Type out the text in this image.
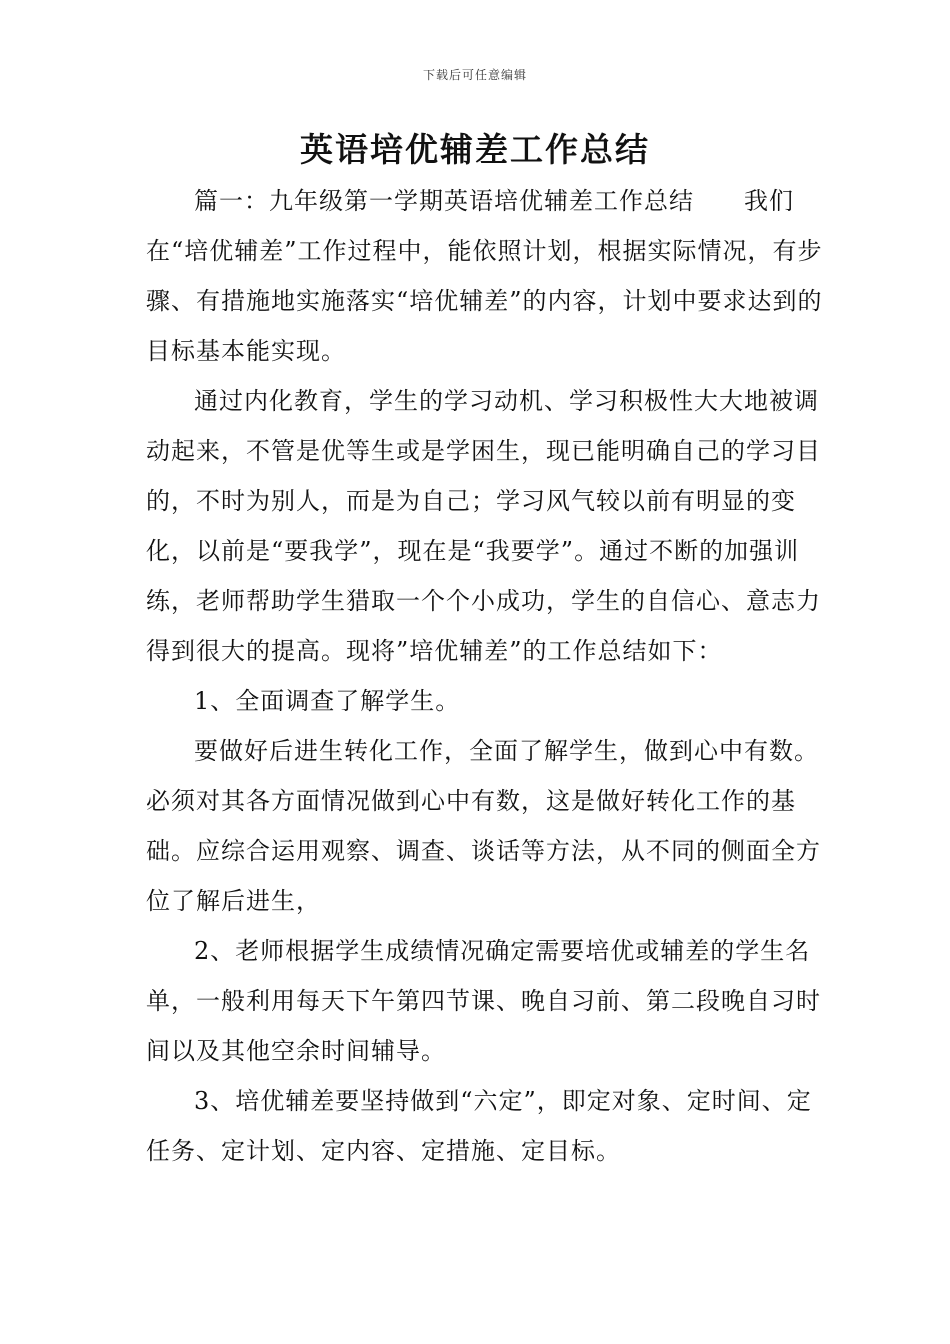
下载后可任意编辑
英语培优辅差工作总结

篇一：九年级第一学期英语培优辅差工作总结　　我们在“培优辅差”工作过程中，能依照计划，根据实际情况，有步骤、有措施地实施落实“培优辅差”的内容，计划中要求达到的目标基本能实现。

通过内化教育，学生的学习动机、学习积极性大大地被调动起来，不管是优等生或是学困生，现已能明确自己的学习目的，不时为别人，而是为自己；学习风气较以前有明显的变化，以前是“要我学”，现在是“我要学”。通过不断的加强训练，老师帮助学生猎取一个个小成功，学生的自信心、意志力得到很大的提高。现将”培优辅差”的工作总结如下：

1、全面调查了解学生。

要做好后进生转化工作，全面了解学生，做到心中有数。必须对其各方面情况做到心中有数，这是做好转化工作的基础。应综合运用观察、调查、谈话等方法，从不同的侧面全方位了解后进生，

2、老师根据学生成绩情况确定需要培优或辅差的学生名单，一般利用每天下午第四节课、晚自习前、第二段晚自习时间以及其他空余时间辅导。

3、培优辅差要坚持做到“六定”，即定对象、定时间、定任务、定计划、定内容、定措施、定目标。
